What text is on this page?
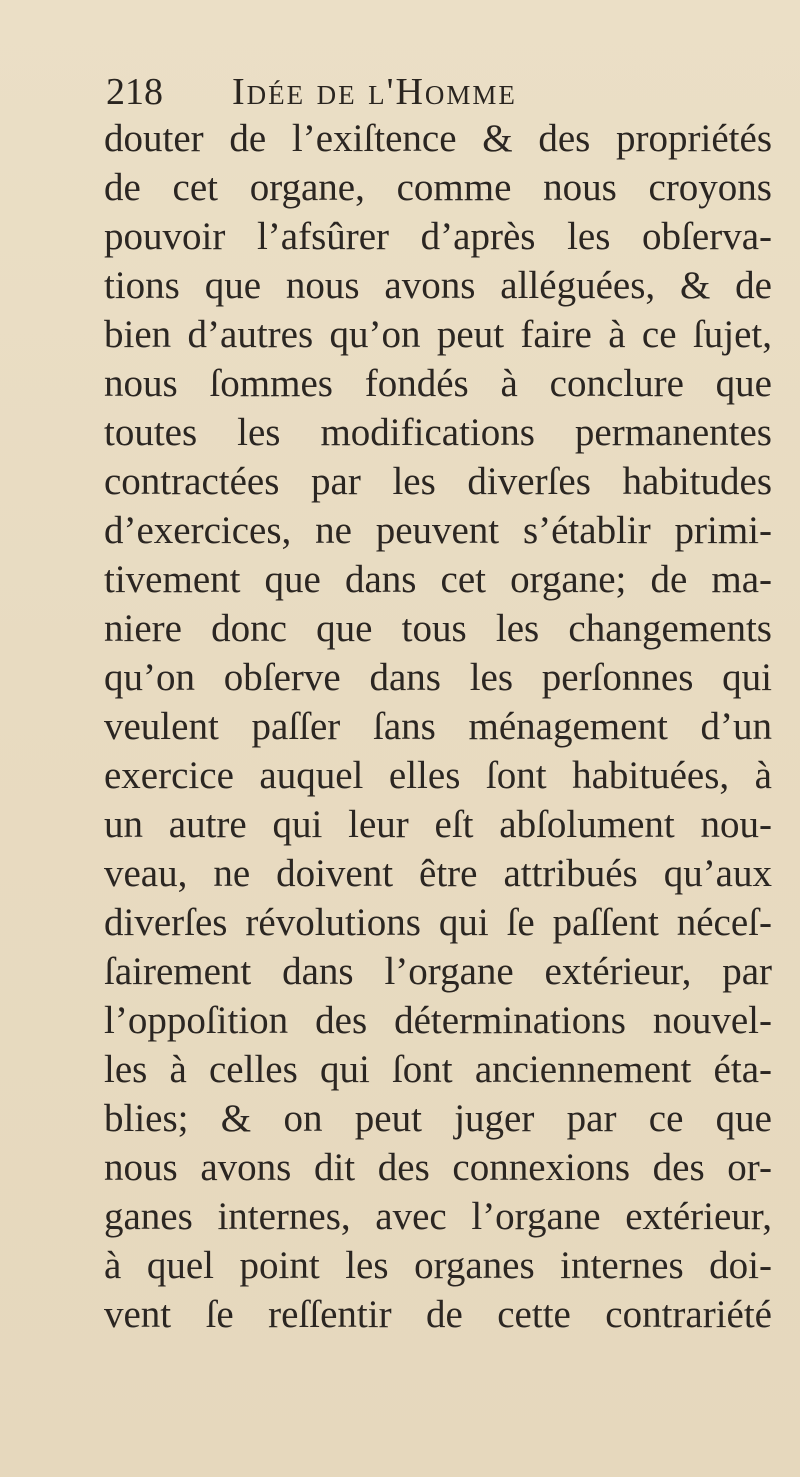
218 Idée de l'Homme
douter de l’exiſtence & des propriétés
de cet organe, comme nous croyons
pouvoir l’afsûrer d’après les obſerva-
tions que nous avons alléguées, & de
bien d’autres qu’on peut faire à ce ſujet,
nous ſommes fondés à conclure que
toutes les modifications permanentes
contractées par les diverſes habitudes
d’exercices, ne peuvent s’établir primi-
tivement que dans cet organe; de ma-
niere donc que tous les changements
qu’on obſerve dans les perſonnes qui
veulent paſſer ſans ménagement d’un
exercice auquel elles ſont habituées, à
un autre qui leur eſt abſolument nou-
veau, ne doivent être attribués qu’aux
diverſes révolutions qui ſe paſſent néceſ-
ſairement dans l’organe extérieur, par
l’oppoſition des déterminations nouvel-
les à celles qui ſont anciennement éta-
blies; & on peut juger par ce que
nous avons dit des connexions des or-
ganes internes, avec l’organe extérieur,
à quel point les organes internes doi-
vent ſe reſſentir de cette contrariété
